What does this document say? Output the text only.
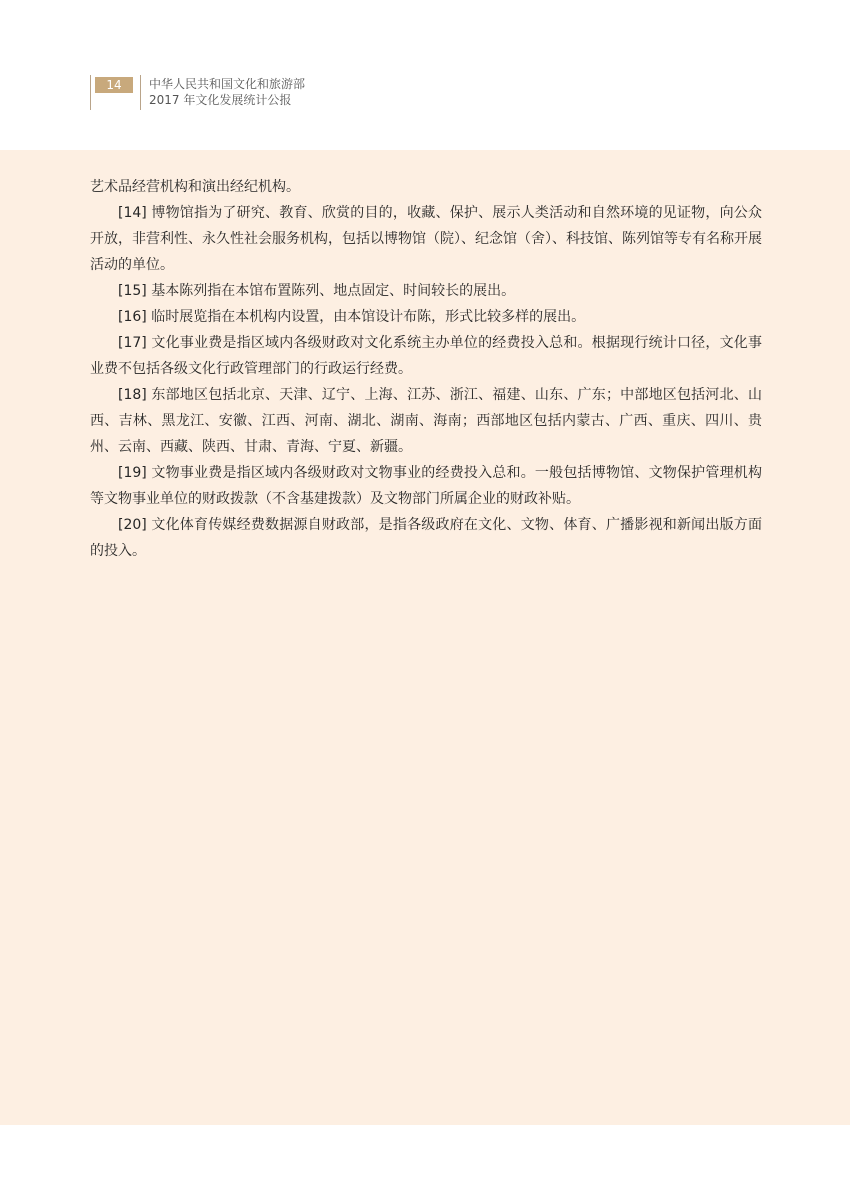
14	中华人民共和国文化和旅游部
2017 年文化发展统计公报

艺术品经营机构和演出经纪机构。

[14] 博物馆指为了研究、教育、欣赏的目的，收藏、保护、展示人类活动和自然环境的见证物，向公众开放，非营利性、永久性社会服务机构，包括以博物馆（院）、纪念馆（舍）、科技馆、陈列馆等专有名称开展活动的单位。

[15] 基本陈列指在本馆布置陈列、地点固定、时间较长的展出。

[16] 临时展览指在本机构内设置，由本馆设计布陈，形式比较多样的展出。

[17] 文化事业费是指区域内各级财政对文化系统主办单位的经费投入总和。根据现行统计口径，文化事业费不包括各级文化行政管理部门的行政运行经费。

[18] 东部地区包括北京、天津、辽宁、上海、江苏、浙江、福建、山东、广东；中部地区包括河北、山西、吉林、黑龙江、安徽、江西、河南、湖北、湖南、海南；西部地区包括内蒙古、广西、重庆、四川、贵州、云南、西藏、陕西、甘肃、青海、宁夏、新疆。

[19] 文物事业费是指区域内各级财政对文物事业的经费投入总和。一般包括博物馆、文物保护管理机构等文物事业单位的财政拨款（不含基建拨款）及文物部门所属企业的财政补贴。

[20] 文化体育传媒经费数据源自财政部，是指各级政府在文化、文物、体育、广播影视和新闻出版方面的投入。
